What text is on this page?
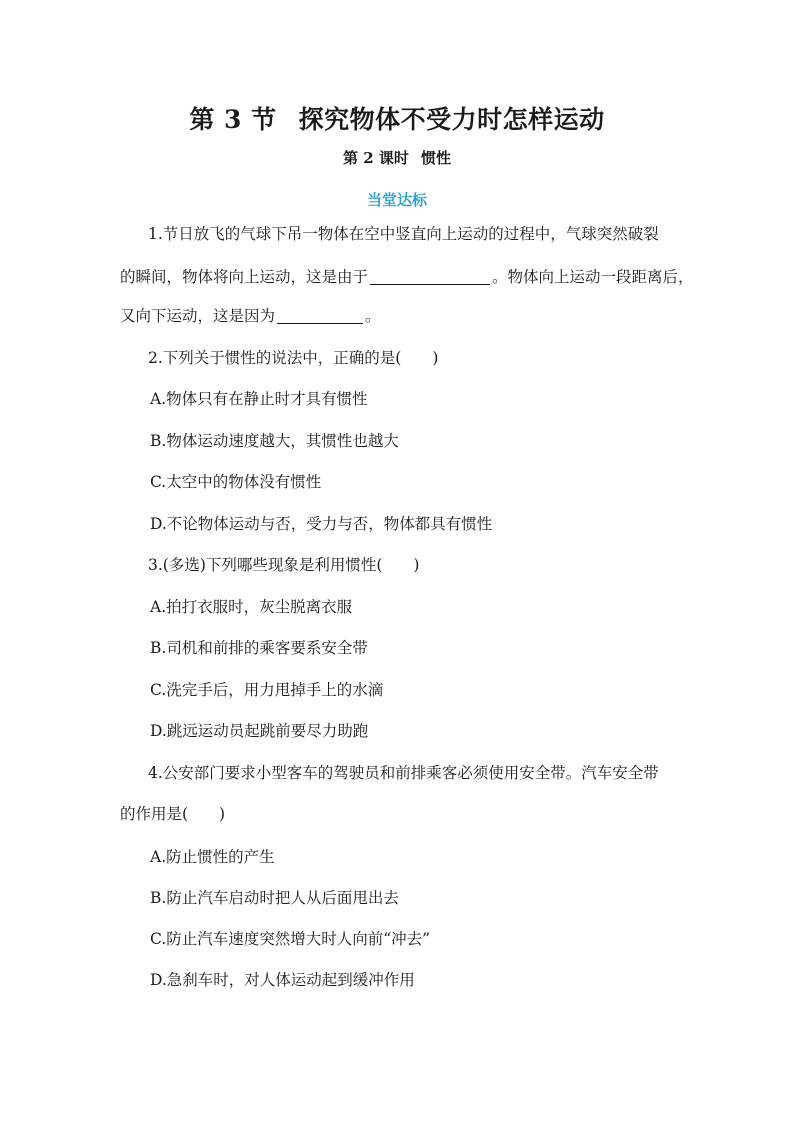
第 3 节 探究物体不受力时怎样运动
第 2 课时 惯性
当堂达标
1.节日放飞的气球下吊一物体在空中竖直向上运动的过程中，气球突然破裂
的瞬间，物体将向上运动，这是由于	。物体向上运动一段距离后，
又向下运动，这是因为	。
2.下列关于惯性的说法中，正确的是(　　)
A.物体只有在静止时才具有惯性
B.物体运动速度越大，其惯性也越大
C.太空中的物体没有惯性
D.不论物体运动与否，受力与否，物体都具有惯性
3.(多选)下列哪些现象是利用惯性(　　)
A.拍打衣服时，灰尘脱离衣服
B.司机和前排的乘客要系安全带
C.洗完手后，用力甩掉手上的水滴
D.跳远运动员起跳前要尽力助跑
4.公安部门要求小型客车的驾驶员和前排乘客必须使用安全带。汽车安全带
的作用是(　　)
A.防止惯性的产生
B.防止汽车启动时把人从后面甩出去
C.防止汽车速度突然增大时人向前“冲去”
D.急刹车时，对人体运动起到缓冲作用
